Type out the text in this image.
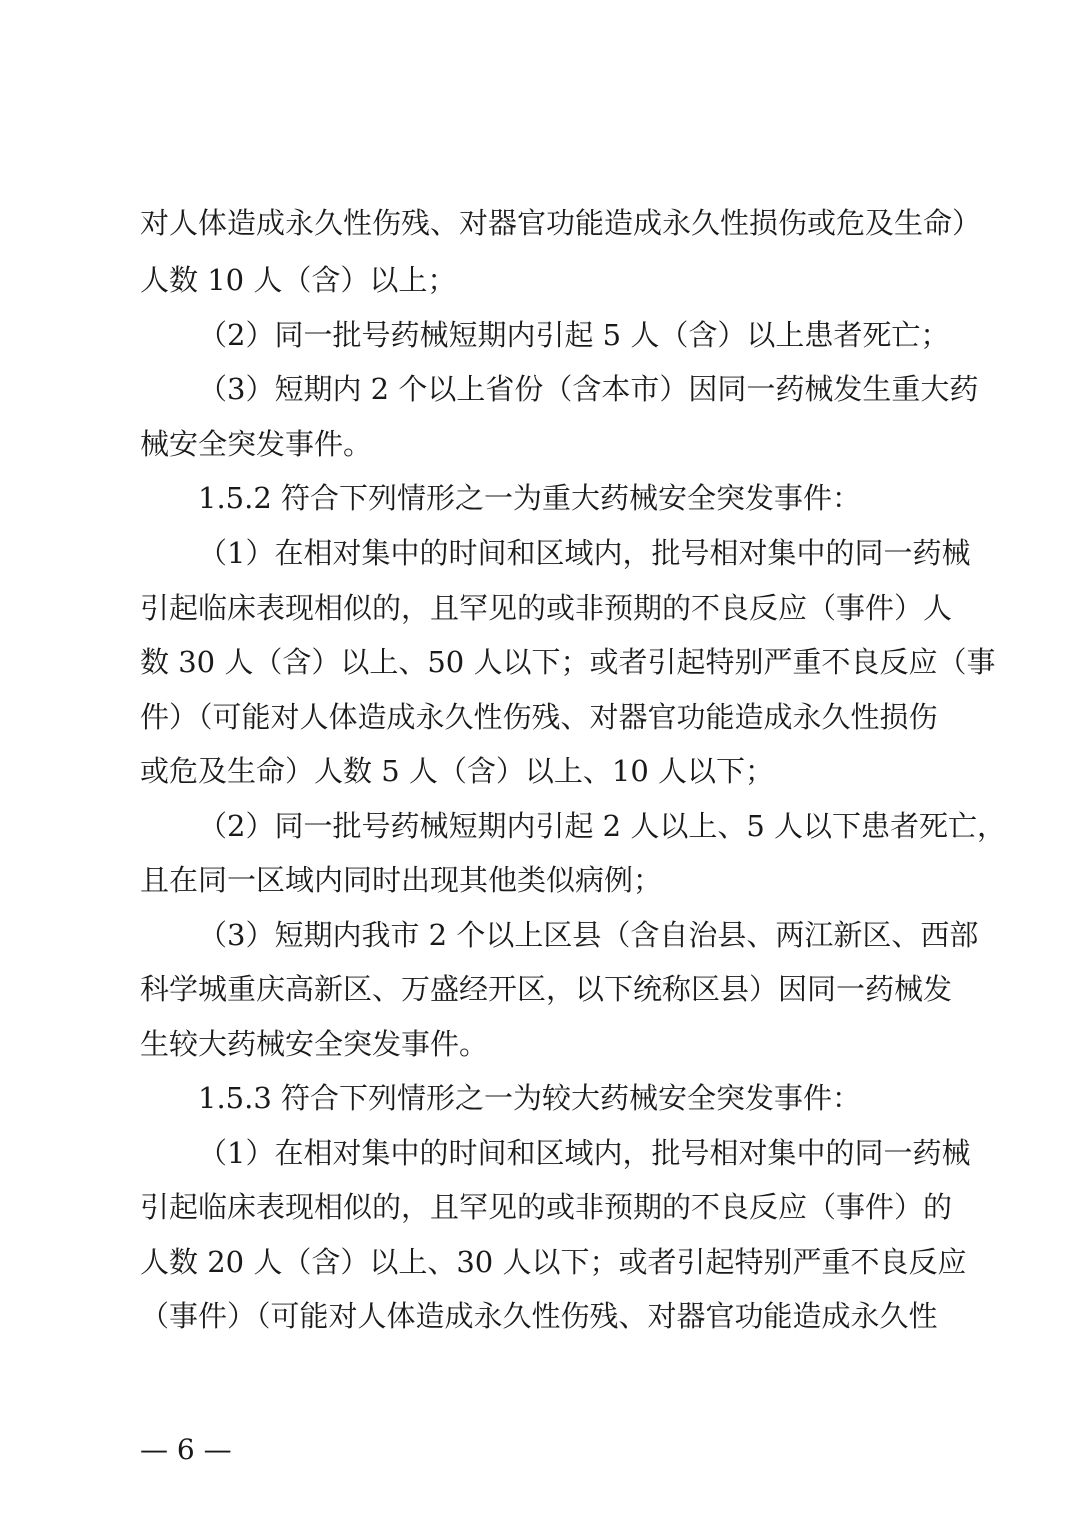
对人体造成永久性伤残、对器官功能造成永久性损伤或危及生命）
人数 10 人（含）以上；
（2）同一批号药械短期内引起 5 人（含）以上患者死亡；
（3）短期内 2 个以上省份（含本市）因同一药械发生重大药
械安全突发事件。
1.5.2 符合下列情形之一为重大药械安全突发事件：
（1）在相对集中的时间和区域内，批号相对集中的同一药械
引起临床表现相似的，且罕见的或非预期的不良反应（事件）人
数 30 人（含）以上、50 人以下；或者引起特别严重不良反应（事
件）（可能对人体造成永久性伤残、对器官功能造成永久性损伤
或危及生命）人数 5 人（含）以上、10 人以下；
（2）同一批号药械短期内引起 2 人以上、5 人以下患者死亡，
且在同一区域内同时出现其他类似病例；
（3）短期内我市 2 个以上区县（含自治县、两江新区、西部
科学城重庆高新区、万盛经开区，以下统称区县）因同一药械发
生较大药械安全突发事件。
1.5.3 符合下列情形之一为较大药械安全突发事件：
（1）在相对集中的时间和区域内，批号相对集中的同一药械
引起临床表现相似的，且罕见的或非预期的不良反应（事件）的
人数 20 人（含）以上、30 人以下；或者引起特别严重不良反应
（事件）（可能对人体造成永久性伤残、对器官功能造成永久性
— 6 —
